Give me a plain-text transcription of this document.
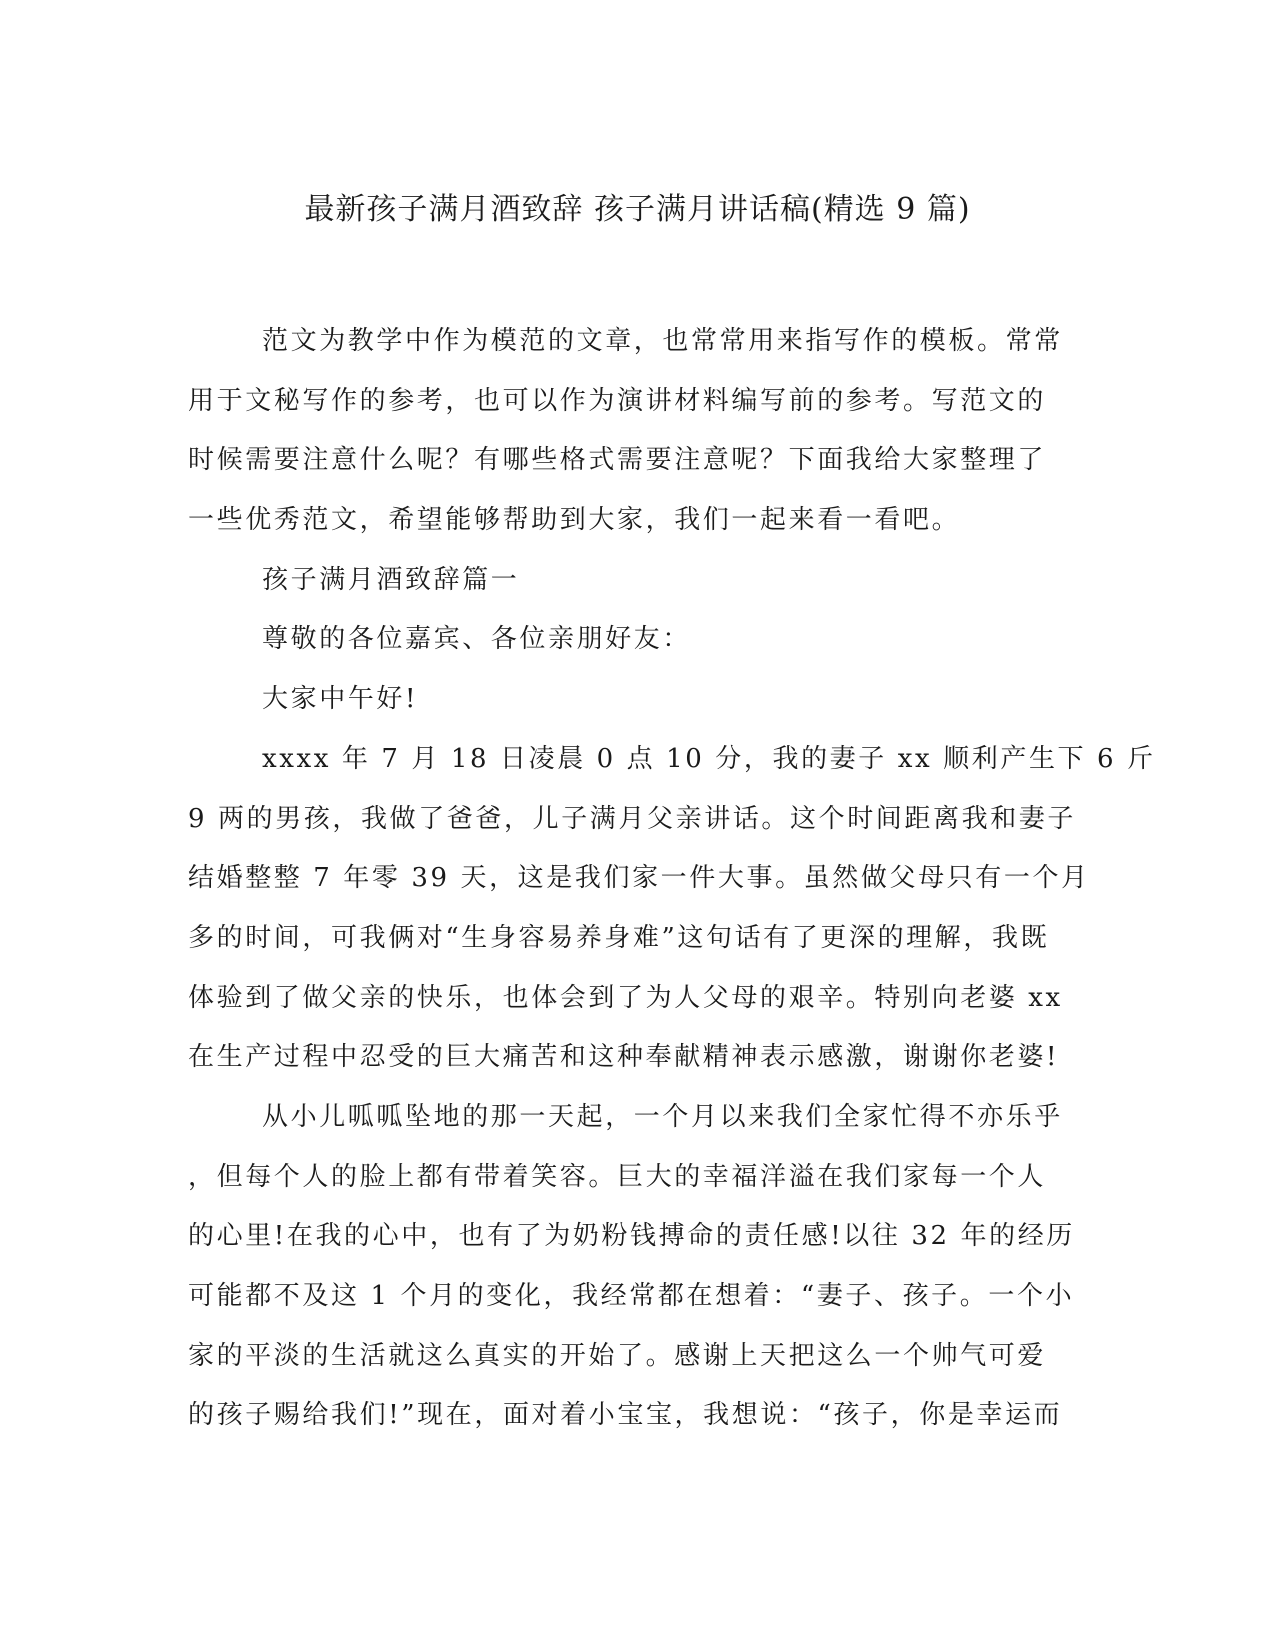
最新孩子满月酒致辞 孩子满月讲话稿(精选 9 篇)
范文为教学中作为模范的文章，也常常用来指写作的模板。常常
用于文秘写作的参考，也可以作为演讲材料编写前的参考。写范文的
时候需要注意什么呢？有哪些格式需要注意呢？下面我给大家整理了
一些优秀范文，希望能够帮助到大家，我们一起来看一看吧。
孩子满月酒致辞篇一
尊敬的各位嘉宾、各位亲朋好友：
大家中午好!
xxxx 年 7 月 18 日凌晨 0 点 10 分，我的妻子 xx 顺利产生下 6 斤
9 两的男孩，我做了爸爸，儿子满月父亲讲话。这个时间距离我和妻子
结婚整整 7 年零 39 天，这是我们家一件大事。虽然做父母只有一个月
多的时间，可我俩对“生身容易养身难”这句话有了更深的理解，我既
体验到了做父亲的快乐，也体会到了为人父母的艰辛。特别向老婆 xx
在生产过程中忍受的巨大痛苦和这种奉献精神表示感激，谢谢你老婆!
从小儿呱呱坠地的那一天起，一个月以来我们全家忙得不亦乐乎
，但每个人的脸上都有带着笑容。巨大的幸福洋溢在我们家每一个人
的心里!在我的心中，也有了为奶粉钱搏命的责任感!以往 32 年的经历
可能都不及这 1 个月的变化，我经常都在想着：“妻子、孩子。一个小
家的平淡的生活就这么真实的开始了。感谢上天把这么一个帅气可爱
的孩子赐给我们!”现在，面对着小宝宝，我想说：“孩子，你是幸运而
